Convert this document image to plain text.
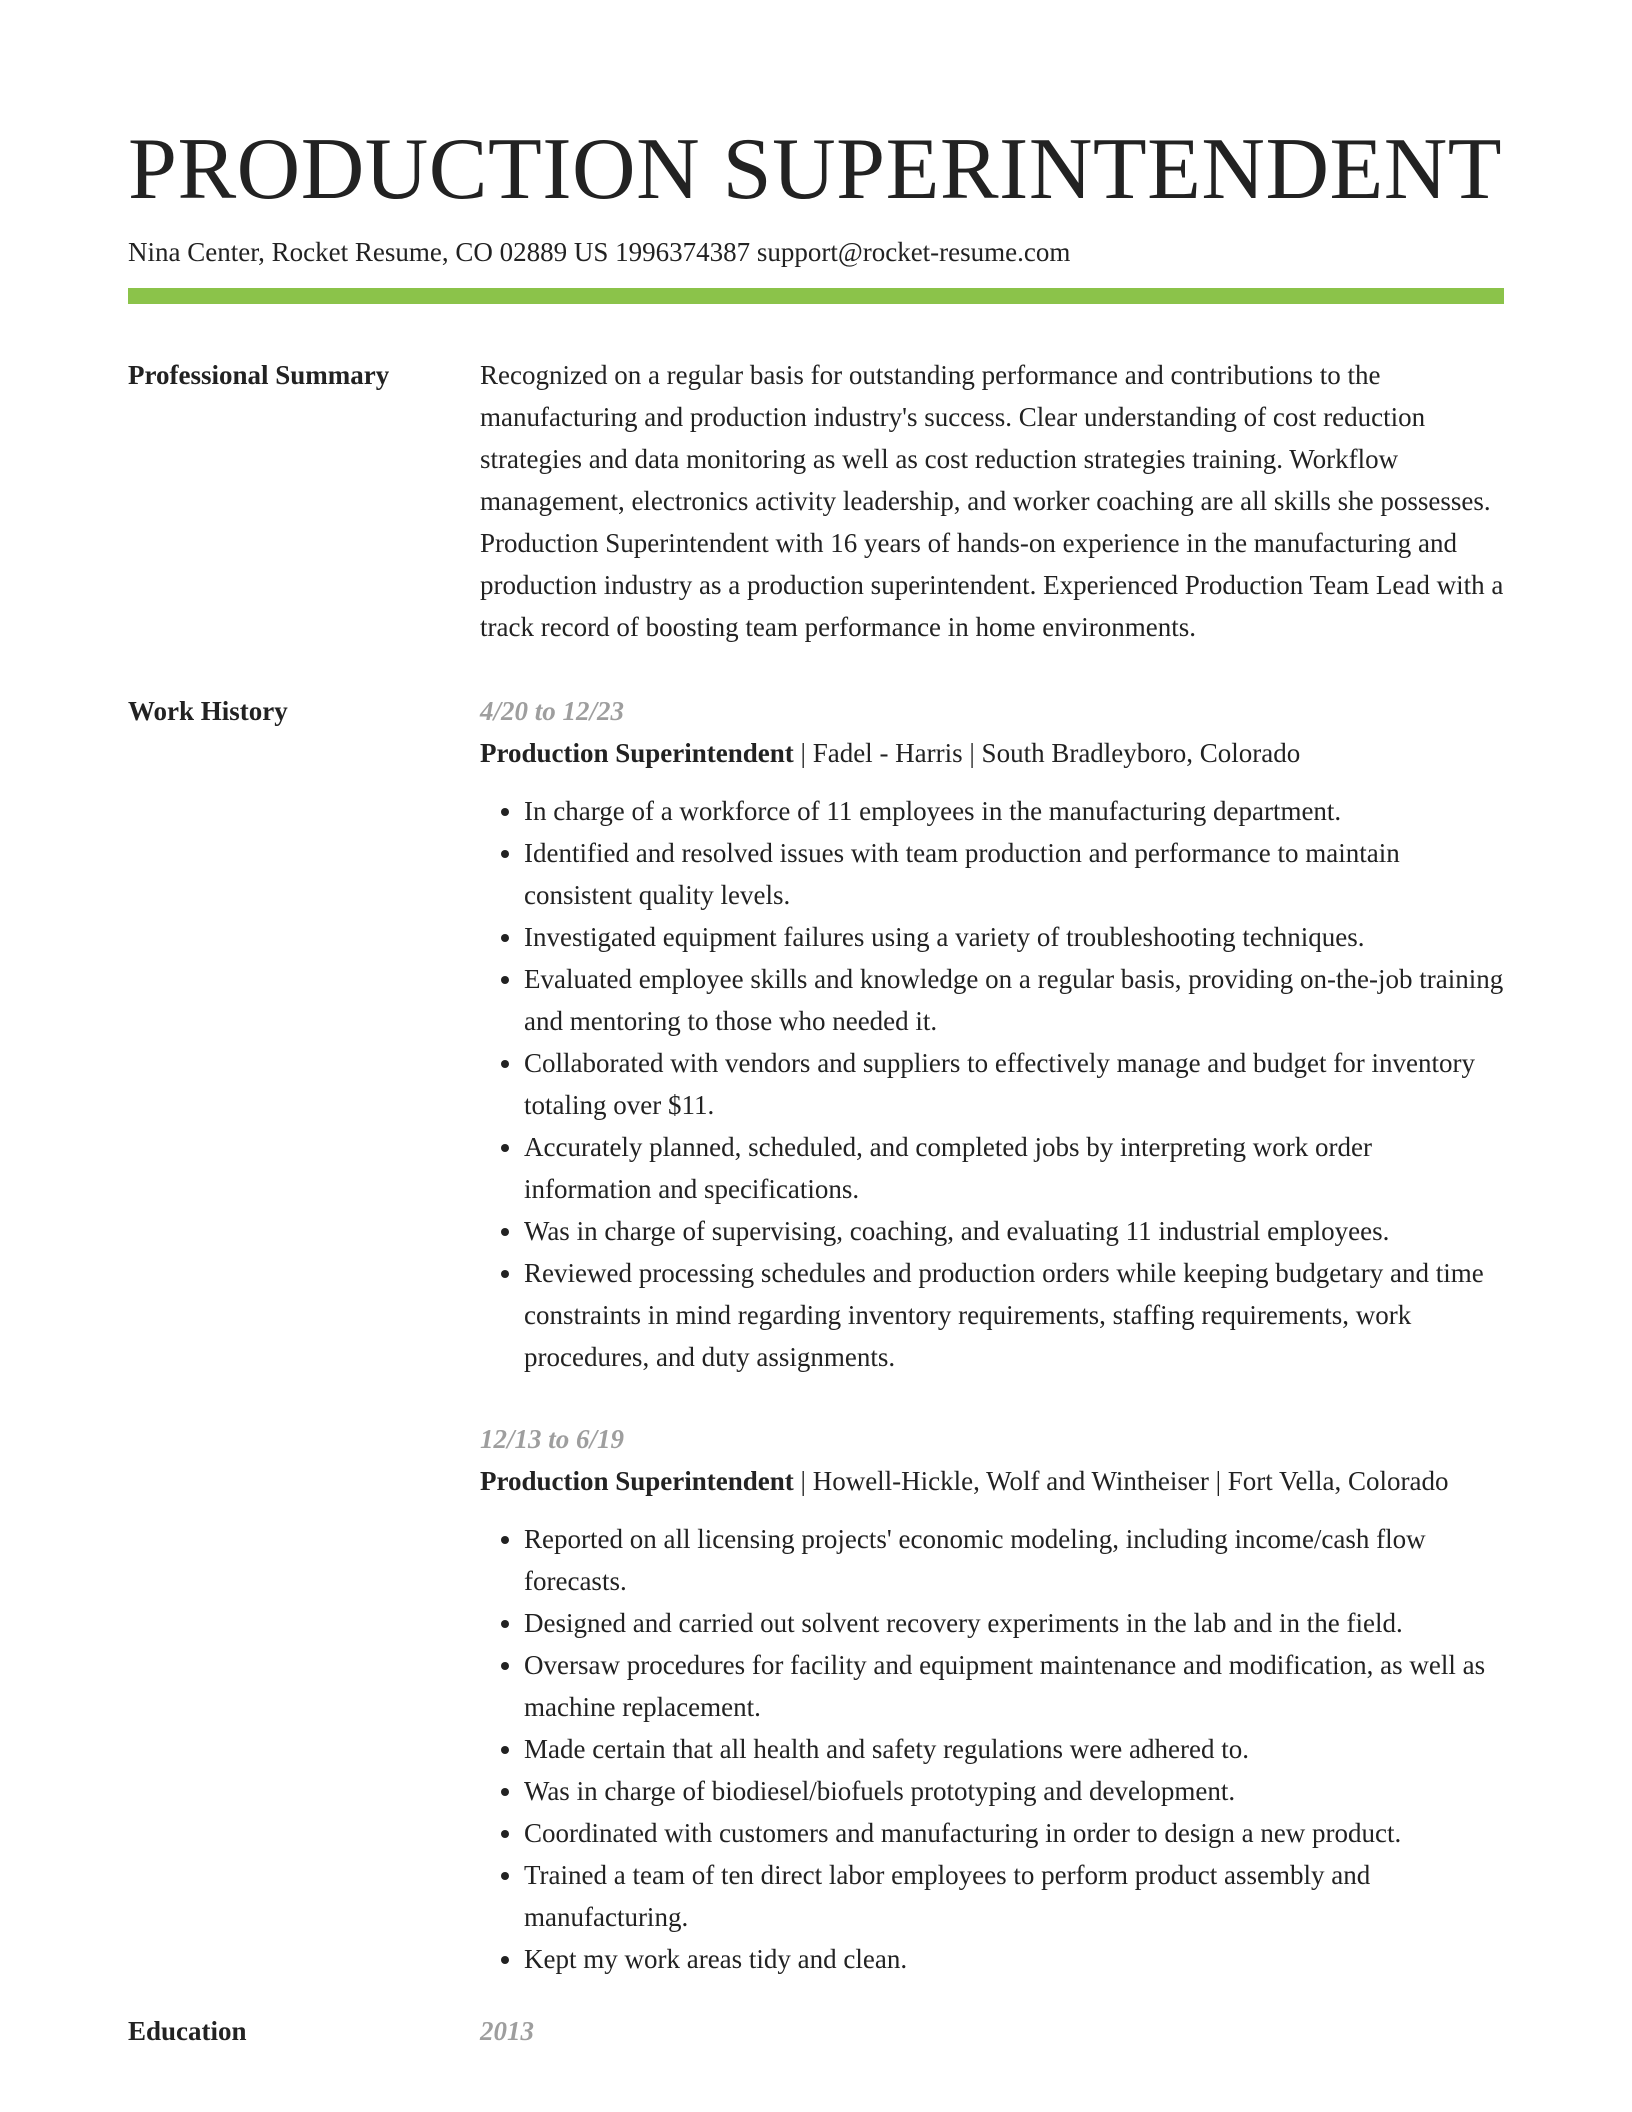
PRODUCTION SUPERINTENDENT
Nina Center, Rocket Resume, CO 02889 US 1996374387 support@rocket-resume.com
Professional Summary	Recognized on a regular basis for outstanding performance and contributions to the manufacturing and production industry's success. Clear understanding of cost reduction strategies and data monitoring as well as cost reduction strategies training. Workflow management, electronics activity leadership, and worker coaching are all skills she possesses. Production Superintendent with 16 years of hands-on experience in the manufacturing and production industry as a production superintendent. Experienced Production Team Lead with a track record of boosting team performance in home environments.

Work History	4/20 to 12/23
Production Superintendent | Fadel - Harris | South Bradleyboro, Colorado
• In charge of a workforce of 11 employees in the manufacturing department.
• Identified and resolved issues with team production and performance to maintain consistent quality levels.
• Investigated equipment failures using a variety of troubleshooting techniques.
• Evaluated employee skills and knowledge on a regular basis, providing on-the-job training and mentoring to those who needed it.
• Collaborated with vendors and suppliers to effectively manage and budget for inventory totaling over $11.
• Accurately planned, scheduled, and completed jobs by interpreting work order information and specifications.
• Was in charge of supervising, coaching, and evaluating 11 industrial employees.
• Reviewed processing schedules and production orders while keeping budgetary and time constraints in mind regarding inventory requirements, staffing requirements, work procedures, and duty assignments.
12/13 to 6/19
Production Superintendent | Howell-Hickle, Wolf and Wintheiser | Fort Vella, Colorado
• Reported on all licensing projects' economic modeling, including income/cash flow forecasts.
• Designed and carried out solvent recovery experiments in the lab and in the field.
• Oversaw procedures for facility and equipment maintenance and modification, as well as machine replacement.
• Made certain that all health and safety regulations were adhered to.
• Was in charge of biodiesel/biofuels prototyping and development.
• Coordinated with customers and manufacturing in order to design a new product.
• Trained a team of ten direct labor employees to perform product assembly and manufacturing.
• Kept my work areas tidy and clean.
Education	2013
